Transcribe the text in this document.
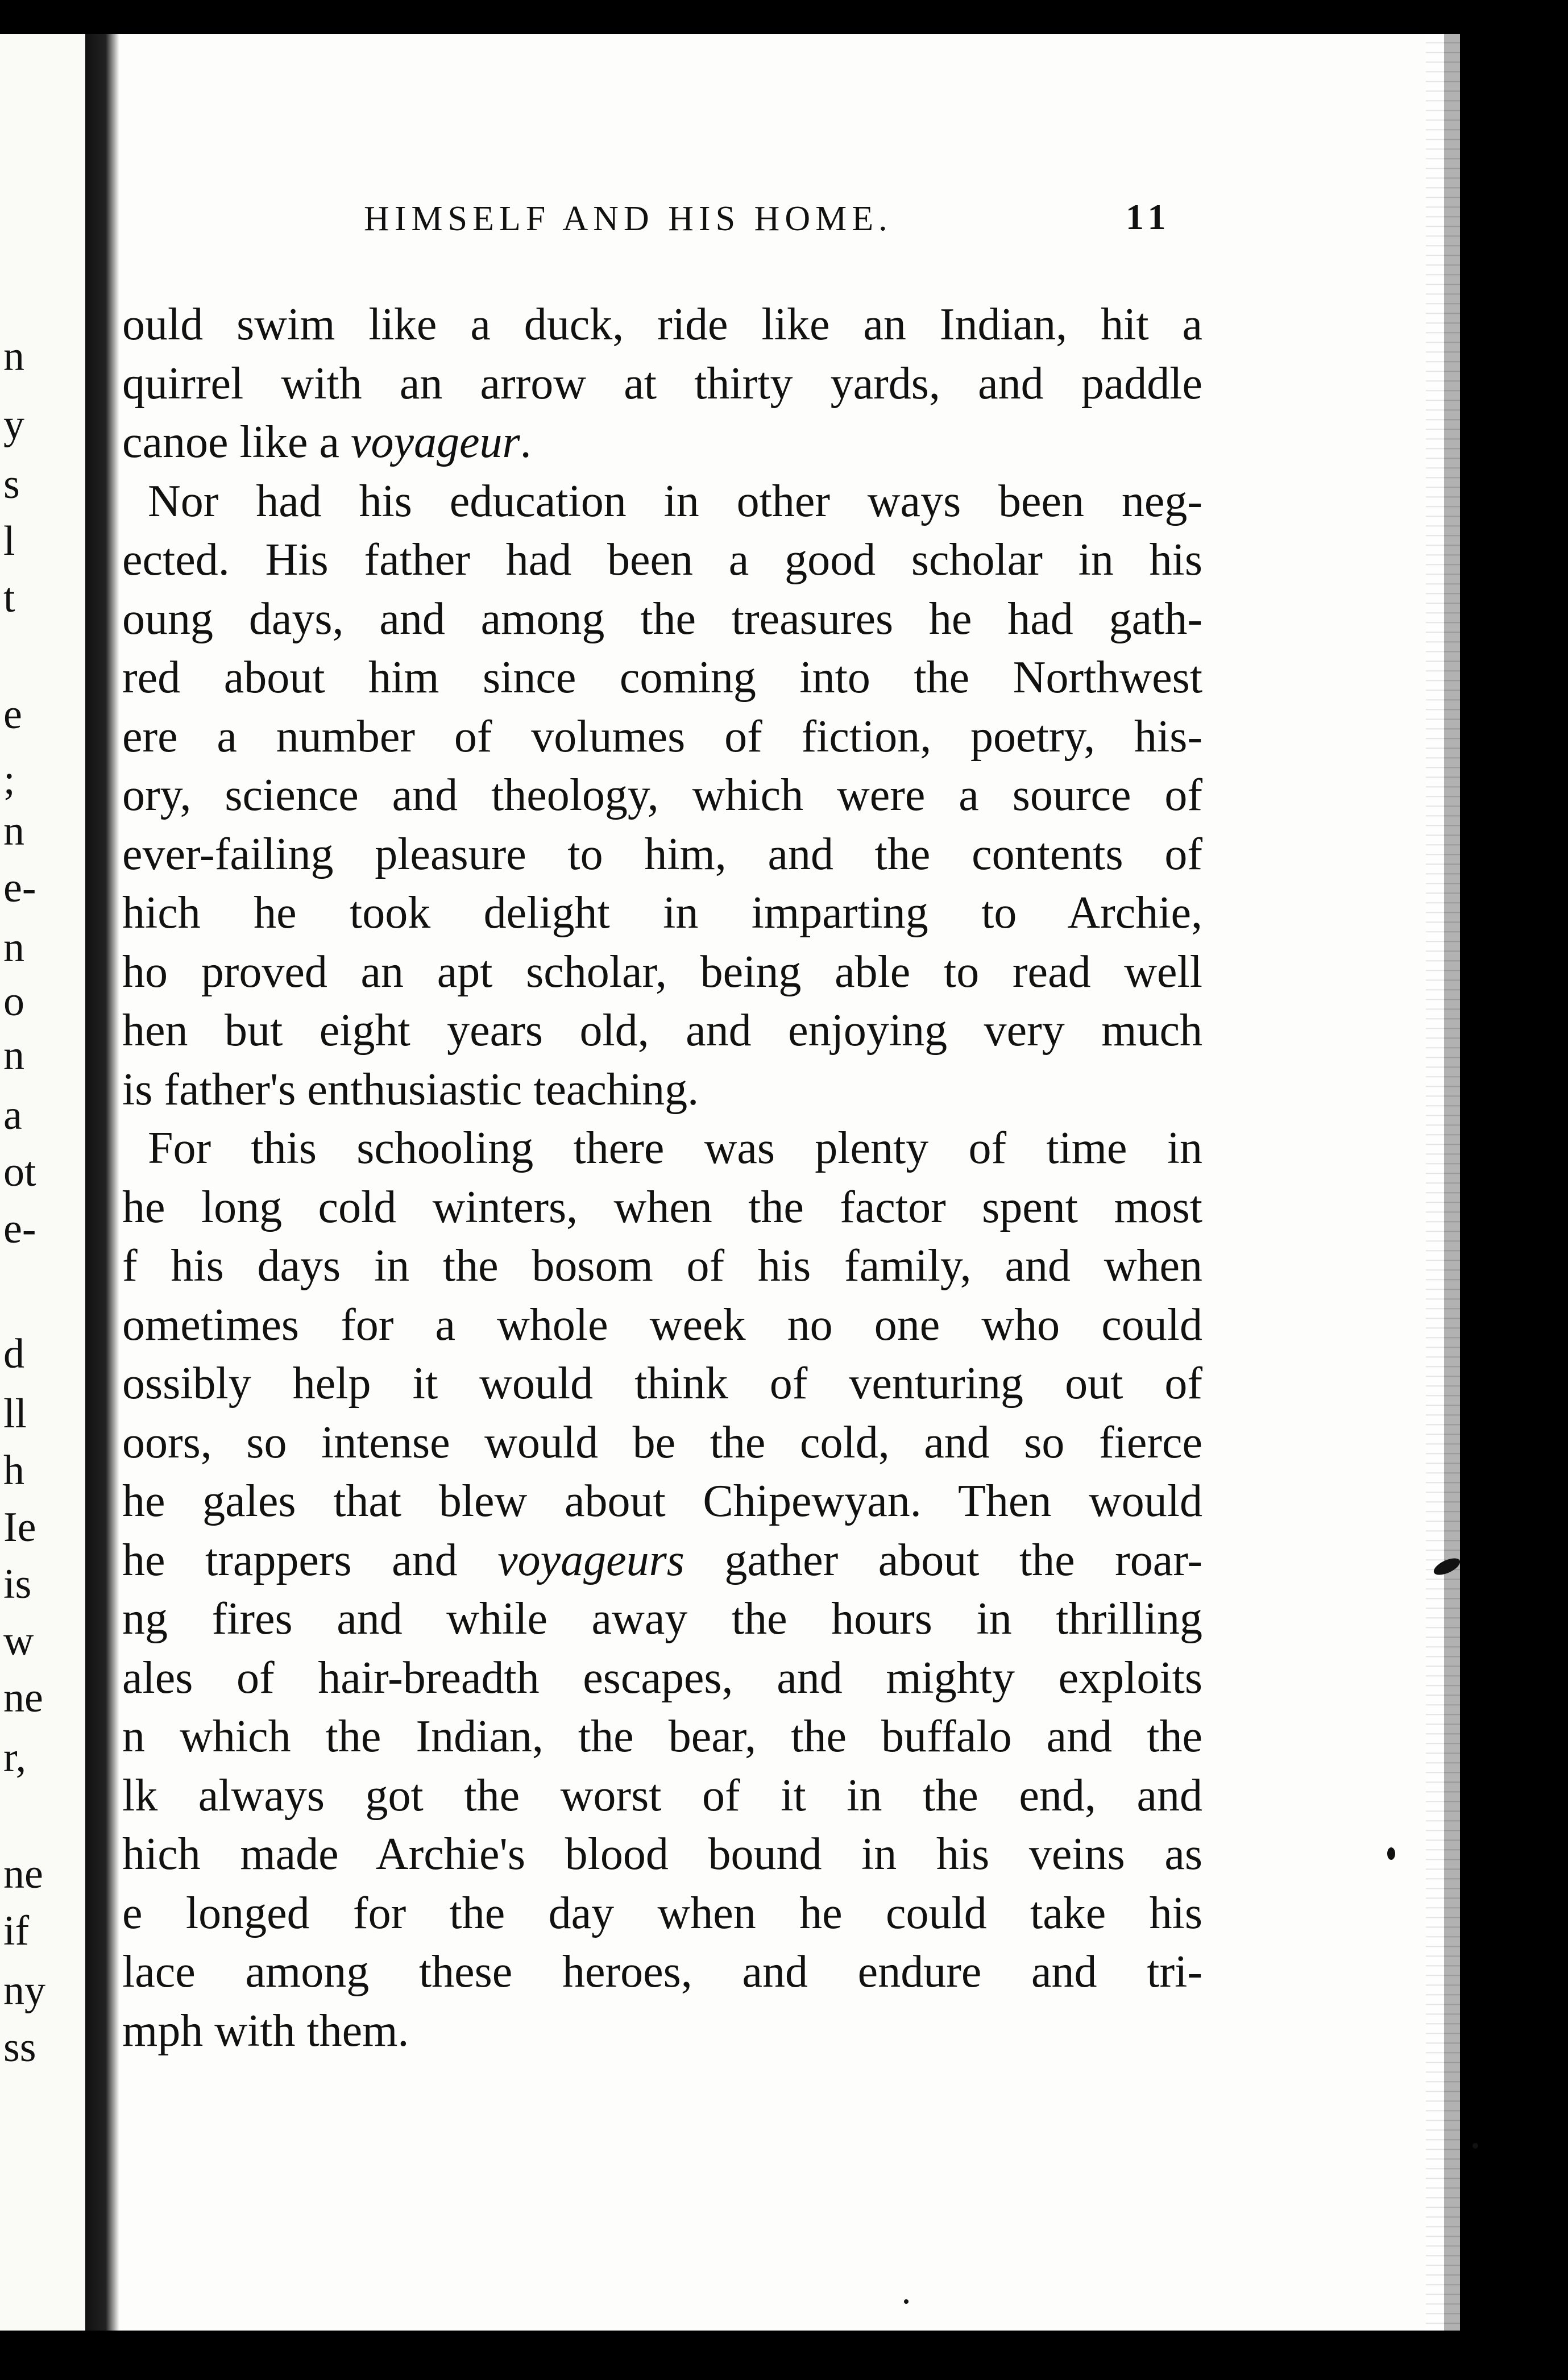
n
y
s
l
t
e
;
n
e-
n
o
n
a
ot
e-
d
ll
h
Ie
is
w
ne
r,
ne
if
ny
ss
HIMSELF AND HIS HOME.	11
ould swim like a duck, ride like an Indian, hit a
quirrel with an arrow at thirty yards, and paddle
canoe like a voyageur.
Nor had his education in other ways been neg-
ected. His father had been a good scholar in his
oung days, and among the treasures he had gath-
red about him since coming into the Northwest
ere a number of volumes of fiction, poetry, his-
ory, science and theology, which were a source of
ever-failing pleasure to him, and the contents of
hich he took delight in imparting to Archie,
ho proved an apt scholar, being able to read well
hen but eight years old, and enjoying very much
is father's enthusiastic teaching.
For this schooling there was plenty of time in
he long cold winters, when the factor spent most
f his days in the bosom of his family, and when
ometimes for a whole week no one who could
ossibly help it would think of venturing out of
oors, so intense would be the cold, and so fierce
he gales that blew about Chipewyan. Then would
he trappers and voyageurs gather about the roar-
ng fires and while away the hours in thrilling
ales of hair-breadth escapes, and mighty exploits
n which the Indian, the bear, the buffalo and the
lk always got the worst of it in the end, and
hich made Archie's blood bound in his veins as
e longed for the day when he could take his
lace among these heroes, and endure and tri-
mph with them.
